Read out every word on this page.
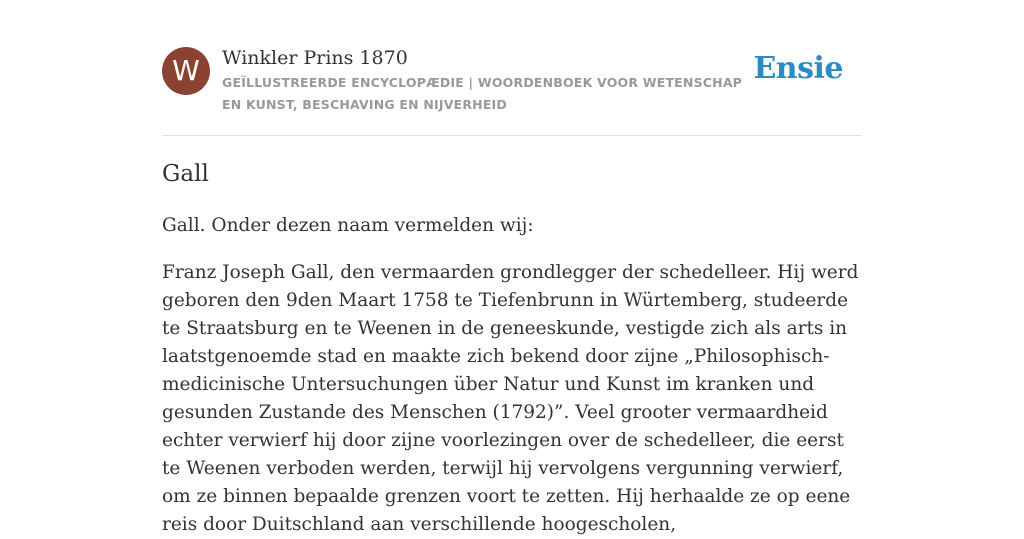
W	Winkler Prins 1870
GEÏLLUSTREERDE ENCYCLOPÆDIE | WOORDENBOEK VOOR WETENSCHAP EN KUNST, BESCHAVING EN NIJVERHEID
Ensie
Gall

Gall. Onder dezen naam vermelden wij:

Franz Joseph Gall, den vermaarden grondlegger der schedelleer. Hij werd geboren den 9den Maart 1758 te Tiefenbrunn in Würtemberg, studeerde te Straatsburg en te Weenen in de geneeskunde, vestigde zich als arts in laatstgenoemde stad en maakte zich bekend door zijne „Philosophisch-medicinische Untersuchungen über Natur und Kunst im kranken und gesunden Zustande des Menschen (1792)”. Veel grooter vermaardheid echter verwierf hij door zijne voorlezingen over de schedelleer, die eerst te Weenen verboden werden, terwijl hij vervolgens vergunning verwierf, om ze binnen bepaalde grenzen voort te zetten. Hij herhaalde ze op eene reis door Duitschland aan verschillende hoogescholen,
